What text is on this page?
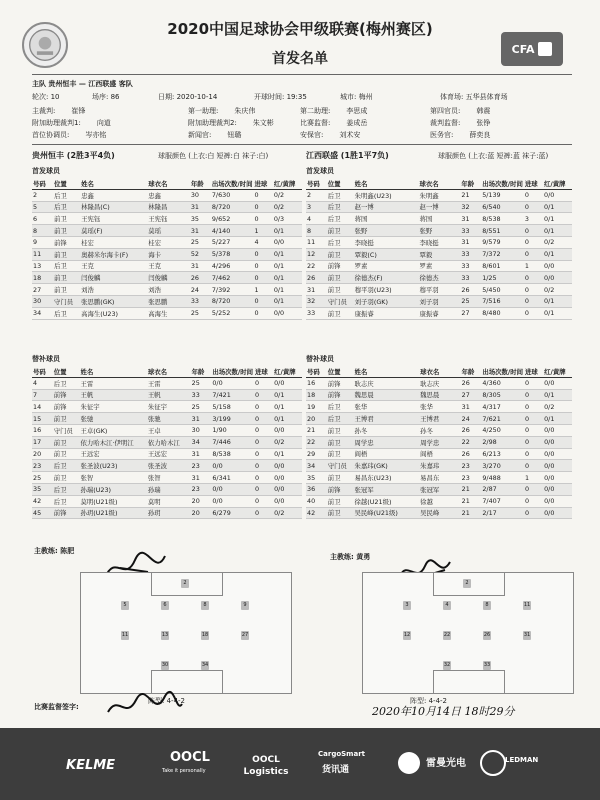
2020中国足球协会甲级联赛(梅州赛区)
首发名单
CFA

主队 贵州恒丰 — 江西联盛 客队
轮次: 10	场序: 86	日期: 2020-10-14	开球时间: 19:35	城市: 梅州	体育场: 五华县体育场
主裁判: 崔锋	第一助理: 朱庆伟	第二助理: 李思成	第四官员: 韩震
附加助理裁判1: 向道	附加助理裁判2: 朱文彬	比赛监督: 姜成岳	裁判监督: 张铮
首位协调员: 岑亦铭	新闻官: 钮璐	安保官: 刘术安	医务官: 薛奕良
贵州恒丰 (2胜3平4负)	球服颜色 (上衣:白 短裤:白 袜子:白)	江西联盛 (1胜1平7负)	球服颜色 (上衣:蓝 短裤:蓝 袜子:蓝)
首发球员	首发球员
号码	位置	姓名	球衣名	年龄	出场次数/时间	进球	红/黄牌
2	后卫	忠鑫	忠鑫	30	7/630	0	0/2
5	后卫	林隆昌(C)	林隆昌	31	8/720	0	0/2
6	前卫	王宪钰	王宪钰	35	9/652	0	0/3
8	前卫	莫瑶(F)	莫瑶	31	4/140	1	0/1
9	前锋	桂宏	桂宏	25	5/227	4	0/0
11	前卫	奥赫米尔海卡(F)	海卡	52	5/378	0	0/1
13	后卫	王克	王克	31	4/296	0	0/1
18	前卫	闫俊麟	闫俊麟	26	7/462	0	0/1
27	前卫	刘浩	刘浩	24	7/392	1	0/1
30	守门员	张思鹏(GK)	张思鹏	33	8/720	0	0/1
34	后卫	高海生(U23)	高海生	25	5/252	0	0/0
号码	位置	姓名	球衣名	年龄	出场次数/时间	进球	红/黄牌
2	后卫	朱明鑫(U23)	朱明鑫	21	5/139	0	0/0
3	后卫	赵一博	赵一博	32	6/540	0	0/1
4	后卫	蒋国	蒋国	31	8/538	3	0/1
8	前卫	张野	张野	33	8/551	0	0/1
11	后卫	李晓挺	李晓挺	31	9/579	0	0/2
12	前卫	覃毅(C)	覃毅	33	7/372	0	0/1
22	前锋	罗素	罗素	33	8/601	1	0/0
26	前卫	徐德杰(F)	徐德杰	33	1/25	0	0/0
31	前卫	穆平羽(U23)	穆平羽	26	5/450	0	0/2
32	守门员	刘子羽(GK)	刘子羽	25	7/516	0	0/1
33	前卫	康振睿	康振睿	27	8/480	0	0/1
替补球员	替补球员
号码	位置	姓名	球衣名	年龄	出场次数/时间	进球	红/黄牌
4	后卫	王雷	王雷	25	0/0	0	0/0
7	前锋	王帆	王帆	33	7/421	0	0/1
14	前锋	朱征宇	朱征宇	25	5/158	0	0/1
15	前卫	张驰	张驰	31	3/199	0	0/1
16	守门员	王卓(GK)	王卓	30	1/90	0	0/0
17	前卫	依力哈木江·伊明江	依力哈木江	34	7/446	0	0/2
20	前卫	王远宏	王远宏	31	8/538	0	0/1
23	后卫	张圣波(U23)	张圣波	23	0/0	0	0/0
25	前卫	张智	张智	31	6/341	0	0/0
35	后卫	孙瑞(U23)	孙瑞	23	0/0	0	0/0
42	后卫	莫明(U21级)	莫明	20	0/0	0	0/0
45	前锋	孙玥(U21级)	孙玥	20	6/279	0	0/2
号码	位置	姓名	球衣名	年龄	出场次数/时间	进球	红/黄牌
16	前锋	耿志庆	耿志庆	26	4/360	0	0/0
18	前锋	魏思晨	魏思晨	27	8/305	0	0/1
19	后卫	张华	张华	31	4/317	0	0/2
20	后卫	王博君	王博君	24	7/621	0	0/1
21	前卫	孙冬	孙冬	26	4/250	0	0/0
22	前卫	周学忠	周学忠	22	2/98	0	0/0
29	前卫	阎梧	阎梧	26	6/213	0	0/0
34	守门员	朱嘉玮(GK)	朱嘉玮	23	3/270	0	0/0
35	前卫	易昌东(U23)	易昌东	23	9/488	1	0/0
36	前锋	张冠军	张冠军	21	2/87	0	0/0
40	前卫	徐越(U21级)	徐越	21	7/407	0	0/0
42	前卫	吴民峰(U21级)	吴民峰	21	2/17	0	0/0
主教练: 陈肥
主教练: 黄勇
2
5	6	8	9
11	13	18	27
30	34
阵型: 4-4-2
2
3	4	8	11
12	22	26	31
32	33
阵型: 4-4-2
比赛监督签字:	2020年10月14日 18时29分
KELME
OOCL
Take it personally
OOCL Logistics
CargoSmart
货讯通
雷曼光电	LEDMAN
